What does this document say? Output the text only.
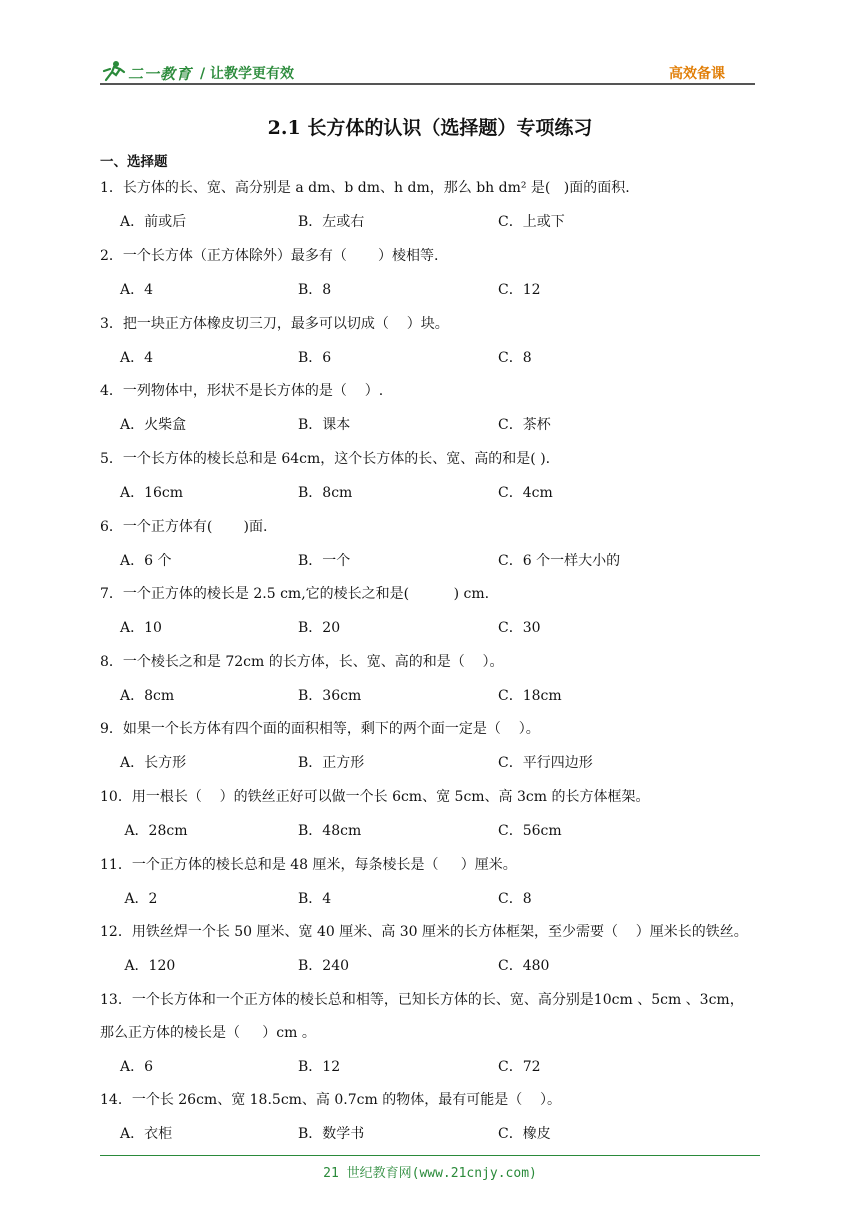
二一教育 / 让教学更有效	高效备课
2.1 长方体的认识（选择题）专项练习
一、选择题
1．长方体的长、宽、高分别是 a dm、b dm、h dm，那么 bh dm² 是(   )面的面积.
A．前或后	B．左或右	C．上或下
2．一个长方体（正方体除外）最多有（       ）棱相等.
A．4	B．8	C．12
3．把一块正方体橡皮切三刀，最多可以切成（    ）块。
A．4	B．6	C．8
4．一列物体中，形状不是长方体的是（    ）.
A．火柴盒	B．课本	C．茶杯
5．一个长方体的棱长总和是 64cm，这个长方体的长、宽、高的和是( ).
A．16cm	B．8cm	C．4cm
6．一个正方体有(       )面.
A．6 个	B．一个	C．6 个一样大小的
7．一个正方体的棱长是 2.5 cm,它的棱长之和是(          ) cm.
A．10	B．20	C．30
8．一个棱长之和是 72cm 的长方体，长、宽、高的和是（    ）。
A．8cm	B．36cm	C．18cm
9．如果一个长方体有四个面的面积相等，剩下的两个面一定是（    ）。
A．长方形	B．正方形	C．平行四边形
10．用一根长（    ）的铁丝正好可以做一个长 6cm、宽 5cm、高 3cm 的长方体框架。
A．28cm	B．48cm	C．56cm
11．一个正方体的棱长总和是 48 厘米，每条棱长是（     ）厘米。
A．2	B．4	C．8
12．用铁丝焊一个长 50 厘米、宽 40 厘米、高 30 厘米的长方体框架，至少需要（    ）厘米长的铁丝。
A．120	B．240	C．480
13．一个长方体和一个正方体的棱长总和相等，已知长方体的长、宽、高分别是10cm 、5cm 、3cm，
那么正方体的棱长是（     ）cm 。
A．6	B．12	C．72
14．一个长 26cm、宽 18.5cm、高 0.7cm 的物体，最有可能是（    ）。
A．衣柜	B．数学书	C．橡皮
21 世纪教育网(www.21cnjy.com)
